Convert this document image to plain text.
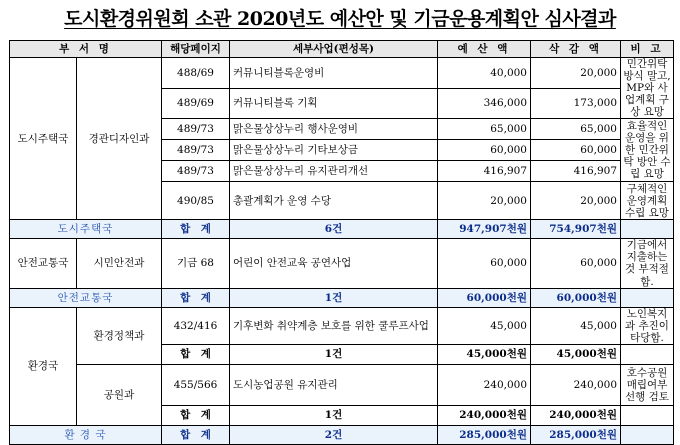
도시환경위원회 소관 2020년도 예산안 및 기금운용계획안 심사결과
부 서 명		해당페이지	세부사업(편성목)	예 산 액	삭 감 액	비 고
도시주택국	경관디자인과	488/69	커뮤니티블록운영비	40,000	20,000	민간위탁방식 말고, MP와 사업계획 구상 요망
		489/69	커뮤니티블록 기획	346,000	173,000	
		489/73	맑은물상상누리 행사운영비	65,000	65,000	효율적인 운영을 위한 민간위탁 방안 수립 요망
		489/73	맑은물상상누리 기타보상금	60,000	60,000	
		489/73	맑은물상상누리 유지관리개선	416,907	416,907	
		490/85	총괄계획가 운영 수당	20,000	20,000	구체적인 운영계획 수립 요망
도시주택국		합　계	6건	947,907천원	754,907천원	
안전교통국	시민안전과	기금 68	어린이 안전교육 공연사업	60,000	60,000	기금에서 지출하는 것 부적절함.
안전교통국		합　계	1건	60,000천원	60,000천원	
환경국	환경정책과	432/416	기후변화 취약계층 보호를 위한 쿨루프사업	45,000	45,000	노인복지과 추진이 타당함.
		합　계	1건	45,000천원	45,000천원	
	공원과	455/566	도시농업공원 유지관리	240,000	240,000	호수공원 매립여부 선행 검토
		합　계	1건	240,000천원	240,000천원	
환 경 국		합　계	2건	285,000천원	285,000천원	
